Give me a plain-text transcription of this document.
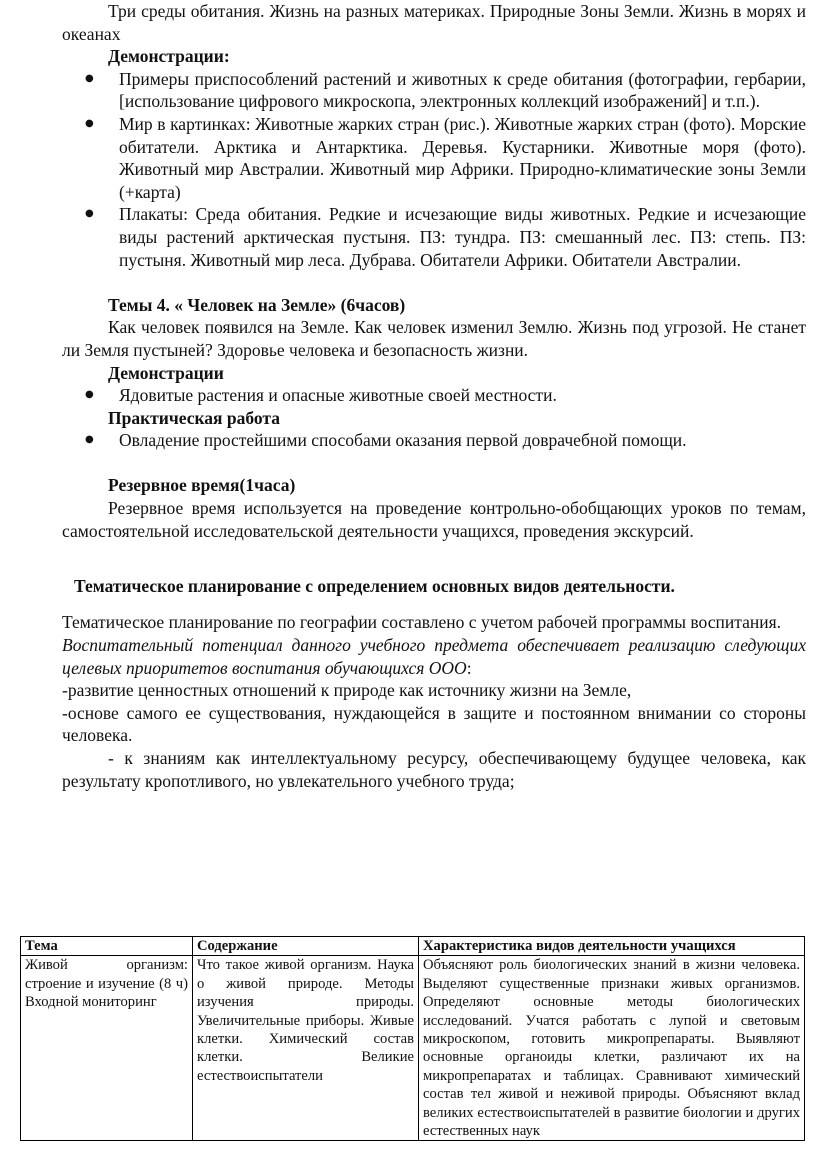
Три среды обитания. Жизнь на разных материках. Природные Зоны Земли. Жизнь в морях и океанах

Демонстрации:

● Примеры приспособлений растений и животных к среде обитания (фотографии, гербарии, [использование цифрового микроскопа, электронных коллекций изображений] и т.п.).
● Мир в картинках: Животные жарких стран (рис.). Животные жарких стран (фото). Морские обитатели. Арктика и Антарктика. Деревья. Кустарники. Животные моря (фото). Животный мир Австралии. Животный мир Африки. Природно-климатические зоны Земли (+карта)
● Плакаты: Среда обитания. Редкие и исчезающие виды животных. Редкие и исчезающие виды растений арктическая пустыня. ПЗ: тундра. ПЗ: смешанный лес. ПЗ: степь. ПЗ: пустыня. Животный мир леса. Дубрава. Обитатели Африки. Обитатели Австралии.

Темы 4. « Человек на Земле» (6часов)

Как человек появился на Земле. Как человек изменил Землю. Жизнь под угрозой. Не станет ли Земля пустыней? Здоровье человека и безопасность жизни.

Демонстрации

● Ядовитые растения и опасные животные своей местности.

Практическая работа

● Овладение простейшими способами оказания первой доврачебной помощи.

Резервное время(1часа)

Резервное время используется на проведение контрольно-обобщающих уроков по темам, самостоятельной исследовательской деятельности учащихся, проведения экскурсий.

Тематическое планирование с определением основных видов деятельности.

Тематическое планирование по географии составлено с учетом рабочей программы воспитания.

Воспитательный потенциал данного учебного предмета обеспечивает реализацию следующих целевых приоритетов воспитания обучающихся ООО:

-развитие ценностных отношений к природе как источнику жизни на Земле,

-основе самого ее существования, нуждающейся в защите и постоянном внимании со стороны человека.

- к знаниям как интеллектуальному ресурсу, обеспечивающему будущее человека, как результату кропотливого, но увлекательного учебного труда;

Тема	Содержание	Характеристика видов деятельности учащихся
Живой организм: строение и изучение (8 ч) Входной мониторинг	Что такое живой организм. Наука о живой природе. Методы изучения природы. Увеличительные приборы. Живые клетки. Химический состав клетки. Великие естествоиспытатели	Объясняют роль биологических знаний в жизни человека. Выделяют существенные признаки живых организмов. Определяют основные методы биологических исследований. Учатся работать с лупой и световым микроскопом, готовить микропрепараты. Выявляют основные органоиды клетки, различают их на микропрепаратах и таблицах. Сравнивают химический состав тел живой и неживой природы. Объясняют вклад великих естествоиспытателей в развитие биологии и других естественных наук
